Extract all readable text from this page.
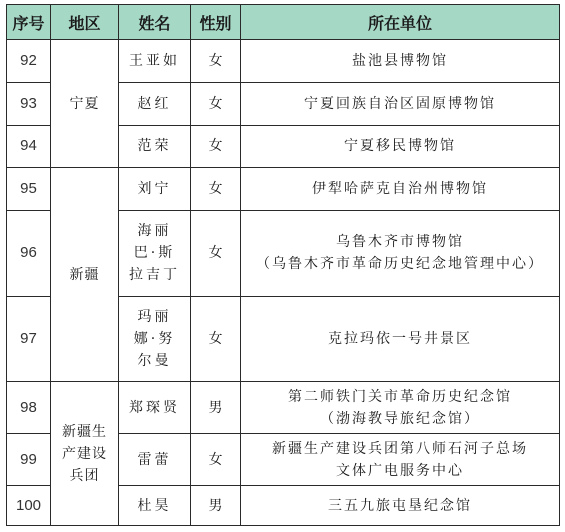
序号	地区	姓名	性别	所在单位
92	宁夏	王亚如	女	盐池县博物馆

93		赵红	女	宁夏回族自治区固原博物馆

94		范荣	女	宁夏移民博物馆

95	新疆	刘宁	女	伊犁哈萨克自治州博物馆

96		海丽
巴·斯
拉吉丁	女	乌鲁木齐市博物馆
（乌鲁木齐市革命历史纪念地管理中心）

97		玛丽
娜·努
尔曼	女	克拉玛依一号井景区

98	新疆生
产建设
兵团	郑琛贤	男	第二师铁门关市革命历史纪念馆
（渤海教导旅纪念馆）

99		雷蕾	女	新疆生产建设兵团第八师石河子总场
文体广电服务中心

100		杜昊	男	三五九旅屯垦纪念馆
